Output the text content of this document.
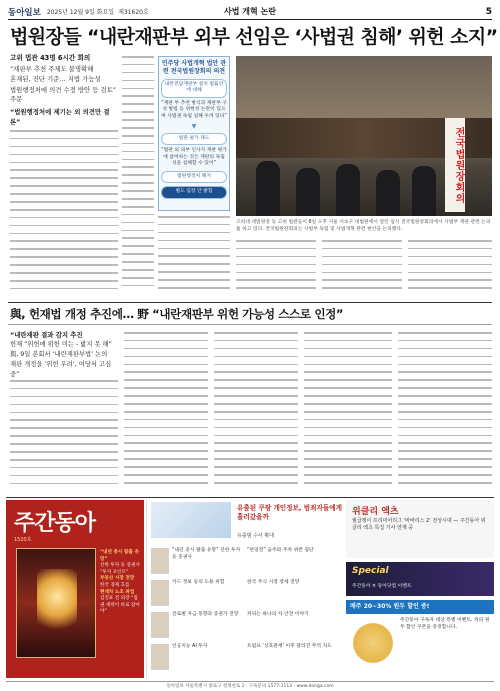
동아일보 2025년 12월 9일 화요일 제31620호	사법 개혁 논란	5
법원장들 “내란재판부 외부 선임은 ‘사법권 침해’ 위헌 소지”

고위 법관 43명 6시간 회의

“재판부 추천 주체도 불명확해

혼재된, 진단 기준… 지법 가능성

법원행정처에 의견 수정 방안 등 검토” 주문

“법원행정처에 제기는 외 의견만 결론”

민주당 사법개혁 법안 관련 전국법원장회의 의견
내란전담재판부 설치 법률안에 대해
“재판 부 추천 방식과 재판부 구성 방법 등 위헌성 논란이 있으며 사법권 독립 침해 우려 있다”
▼
법관 평가 제도
“법관 외 외부 인사가 재판 평가에 참여하는 것은 재판의 독립성을 침해할 수 있어”
법원행정처 폐지
별도 입장 안 밝힘	전국법원장회의
조희대 대법원장 등 고위 법관들이 8일 오후 서울 서초구 대법원에서 열린 임시 전국법원장회의에서 사법부 재판 관련 논의를 하고 있다. 전국법원장회의는 사법부 독립 및 사법개혁 관련 현안을 논의했다.
與, 헌재법 개정 추진에… 野 “내란재판부 위헌 가능성 스스로 인정”

“내란재판 결과 감지 추진

헌재 “위헌에 위헌 미는 - 밟지 못 해”

與, 9일 본회서 ‘내란재판부법’ 논의

재판 개정을 ‘위헌 우려’, 여당서 고심중”

주간동아
1520호
“내년 증시 탈출 유망”
신한 투자 등 증권사 “투자 포인트”

부동산 시장 전망
한국 경제 흐름

현대차 노조 파업
김진표 전 의장 “집권 세력이 바로 잡아야”
유출된 쿠팡 개인정보, 범죄자들에게 흘러갔을까
유출범 수사 확대
“내년 증시 탈출 유망” 신한 투자 등 증권사
카드 정보 동의 도용 위험
글로벌 자금 동향과 증권가 전망
인공지능 AI 투자
“한일전” 음주와 주차 위반 집단
한국 주식 시장 장세 전망
커피는 하나의 차 안전 이야기
트럼프 ‘상호관세’ 이후 달라진 무역 지도
위클리 엑츠
월급쟁이 프리미어리그 ‘바바리스 2’ 전성시대 — 주간동아 위클리 엑츠 특집 기사 연재 중
Special
주간동아 × 동아닷컴 이벤트
매주 20~30% 원두 할인 중!
주간동아 구독자 대상 특별 이벤트. 커피 원두 할인 쿠폰을 증정합니다.
동아일보 서울특별시 종로구 청계천로 1 · 구독문의 1577-1113 · www.donga.com
